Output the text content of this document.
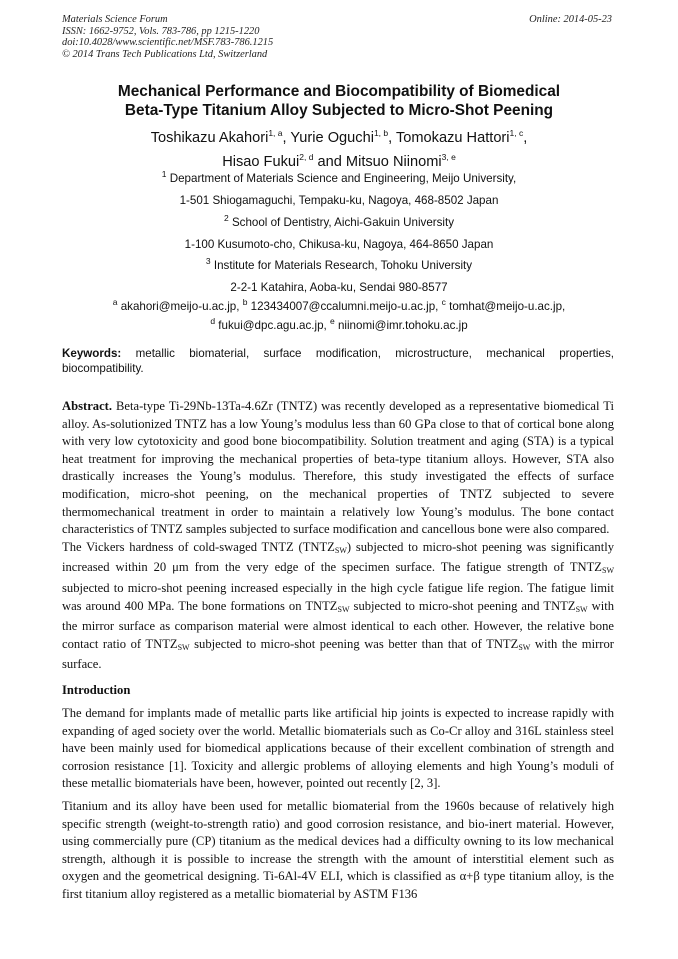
Materials Science Forum
ISSN: 1662-9752, Vols. 783-786, pp 1215-1220
doi:10.4028/www.scientific.net/MSF.783-786.1215
© 2014 Trans Tech Publications Ltd, Switzerland
Online: 2014-05-23
Mechanical Performance and Biocompatibility of Biomedical
Beta-Type Titanium Alloy Subjected to Micro-Shot Peening
Toshikazu Akahori$^{1, a}$, Yurie Oguchi$^{1, b}$, Tomokazu Hattori$^{1, c}$,
Hisao Fukui$^{2, d}$ and Mitsuo Niinomi$^{3, e}$
$^1$ Department of Materials Science and Engineering, Meijo University,
1-501 Shiogamaguchi, Tempaku-ku, Nagoya, 468-8502 Japan
$^2$ School of Dentistry, Aichi-Gakuin University
1-100 Kusumoto-cho, Chikusa-ku, Nagoya, 464-8650 Japan
$^3$ Institute for Materials Research, Tohoku University
2-2-1 Katahira, Aoba-ku, Sendai 980-8577
$^a$ akahori@meijo-u.ac.jp, $^b$ 123434007@ccalumni.meijo-u.ac.jp, $^c$ tomhat@meijo-u.ac.jp,
$^d$ fukui@dpc.agu.ac.jp, $^e$ niinomi@imr.tohoku.ac.jp
Keywords: metallic biomaterial, surface modification, microstructure, mechanical properties, biocompatibility.

Abstract. Beta-type Ti-29Nb-13Ta-4.6Zr (TNTZ) was recently developed as a representative biomedical Ti alloy. As-solutionized TNTZ has a low Young’s modulus less than 60 GPa close to that of cortical bone along with very low cytotoxicity and good bone biocompatibility. Solution treatment and aging (STA) is a typical heat treatment for improving the mechanical properties of beta-type titanium alloys. However, STA also drastically increases the Young’s modulus. Therefore, this study investigated the effects of surface modification, micro-shot peening, on the mechanical properties of TNTZ subjected to severe thermomechanical treatment in order to maintain a relatively low Young’s modulus. The bone contact characteristics of TNTZ samples subjected to surface modification and cancellous bone were also compared.

The Vickers hardness of cold-swaged TNTZ $(TNTZ_{SW})$ subjected to micro-shot peening was significantly increased within 20 μm from the very edge of the specimen surface. The fatigue strength of $TNTZ_{SW}$ subjected to micro-shot peening increased especially in the high cycle fatigue life region. The fatigue limit was around 400 MPa. The bone formations on $TNTZ_{SW}$ subjected to micro-shot peening and $TNTZ_{SW}$ with the mirror surface as comparison material were almost identical to each other. However, the relative bone contact ratio of $TNTZ_{SW}$ subjected to micro-shot peening was better than that of $TNTZ_{SW}$ with the mirror surface.

Introduction

The demand for implants made of metallic parts like artificial hip joints is expected to increase rapidly with expanding of aged society over the world. Metallic biomaterials such as Co-Cr alloy and 316L stainless steel have been mainly used for biomedical applications because of their excellent combination of strength and corrosion resistance [1]. Toxicity and allergic problems of alloying elements and high Young’s moduli of these metallic biomaterials have been, however, pointed out recently [2, 3].

Titanium and its alloy have been used for metallic biomaterial from the 1960s because of relatively high specific strength (weight-to-strength ratio) and good corrosion resistance, and bio-inert material. However, using commercially pure (CP) titanium as the medical devices had a difficulty owning to its low mechanical strength, although it is possible to increase the strength with the amount of interstitial element such as oxygen and the geometrical designing. Ti-6Al-4V ELI, which is classified as α+β type titanium alloy, is the first titanium alloy registered as a metallic biomaterial by ASTM F136
